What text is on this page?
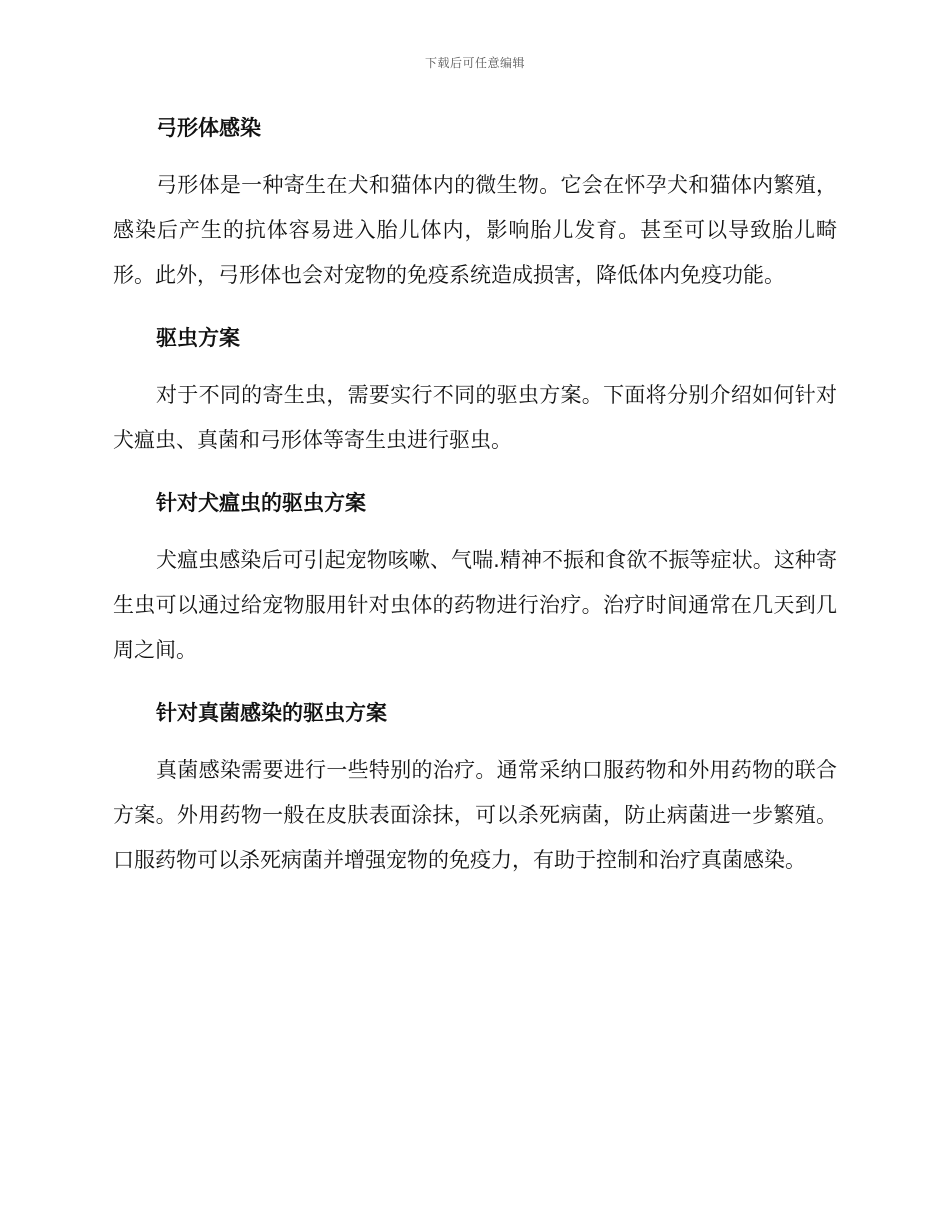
下载后可任意编辑
弓形体感染

弓形体是一种寄生在犬和猫体内的微生物。它会在怀孕犬和猫体内繁殖，感染后产生的抗体容易进入胎儿体内，影响胎儿发育。甚至可以导致胎儿畸形。此外，弓形体也会对宠物的免疫系统造成损害，降低体内免疫功能。

驱虫方案

对于不同的寄生虫，需要实行不同的驱虫方案。下面将分别介绍如何针对犬瘟虫、真菌和弓形体等寄生虫进行驱虫。

针对犬瘟虫的驱虫方案

犬瘟虫感染后可引起宠物咳嗽、气喘.精神不振和食欲不振等症状。这种寄生虫可以通过给宠物服用针对虫体的药物进行治疗。治疗时间通常在几天到几周之间。

针对真菌感染的驱虫方案

真菌感染需要进行一些特别的治疗。通常采纳口服药物和外用药物的联合方案。外用药物一般在皮肤表面涂抹，可以杀死病菌，防止病菌进一步繁殖。口服药物可以杀死病菌并增强宠物的免疫力，有助于控制和治疗真菌感染。
